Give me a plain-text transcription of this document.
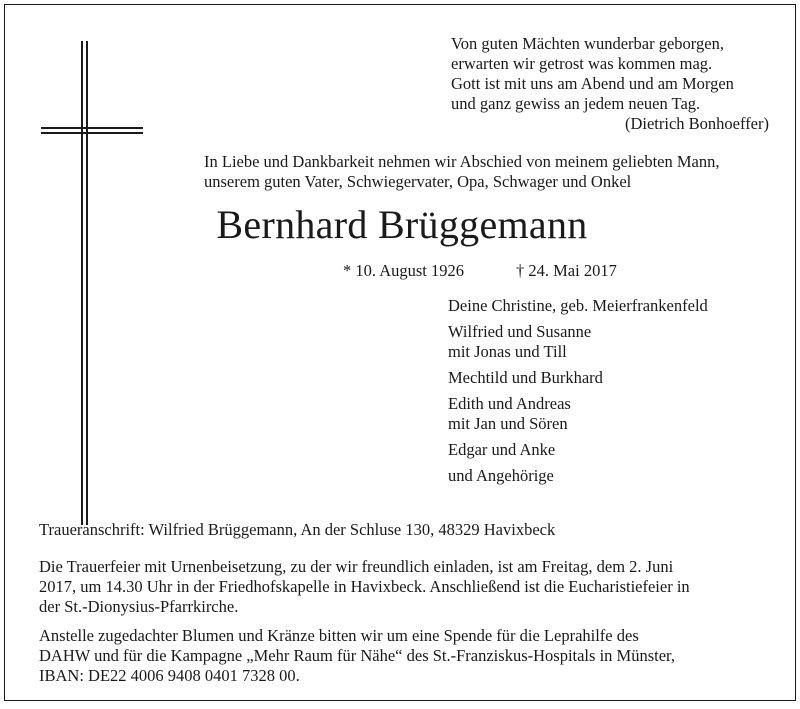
Von guten Mächten wunderbar geborgen,
erwarten wir getrost was kommen mag.
Gott ist mit uns am Abend und am Morgen
und ganz gewiss an jedem neuen Tag.
(Dietrich Bonhoeffer)
In Liebe und Dankbarkeit nehmen wir Abschied von meinem geliebten Mann,
unserem guten Vater, Schwiegervater, Opa, Schwager und Onkel
Bernhard Brüggemann
* 10. August 1926	† 24. Mai 2017
Deine Christine, geb. Meierfrankenfeld
Wilfried und Susanne
mit Jonas und Till
Mechtild und Burkhard
Edith und Andreas
mit Jan und Sören
Edgar und Anke
und Angehörige
Traueranschrift: Wilfried Brüggemann, An der Schluse 130, 48329 Havixbeck
Die Trauerfeier mit Urnenbeisetzung, zu der wir freundlich einladen, ist am Freitag, dem 2. Juni
2017, um 14.30 Uhr in der Friedhofskapelle in Havixbeck. Anschließend ist die Eucharistiefeier in
der St.-Dionysius-Pfarrkirche.
Anstelle zugedachter Blumen und Kränze bitten wir um eine Spende für die Leprahilfe des
DAHW und für die Kampagne „Mehr Raum für Nähe“ des St.-Franziskus-Hospitals in Münster,
IBAN: DE22 4006 9408 0401 7328 00.
